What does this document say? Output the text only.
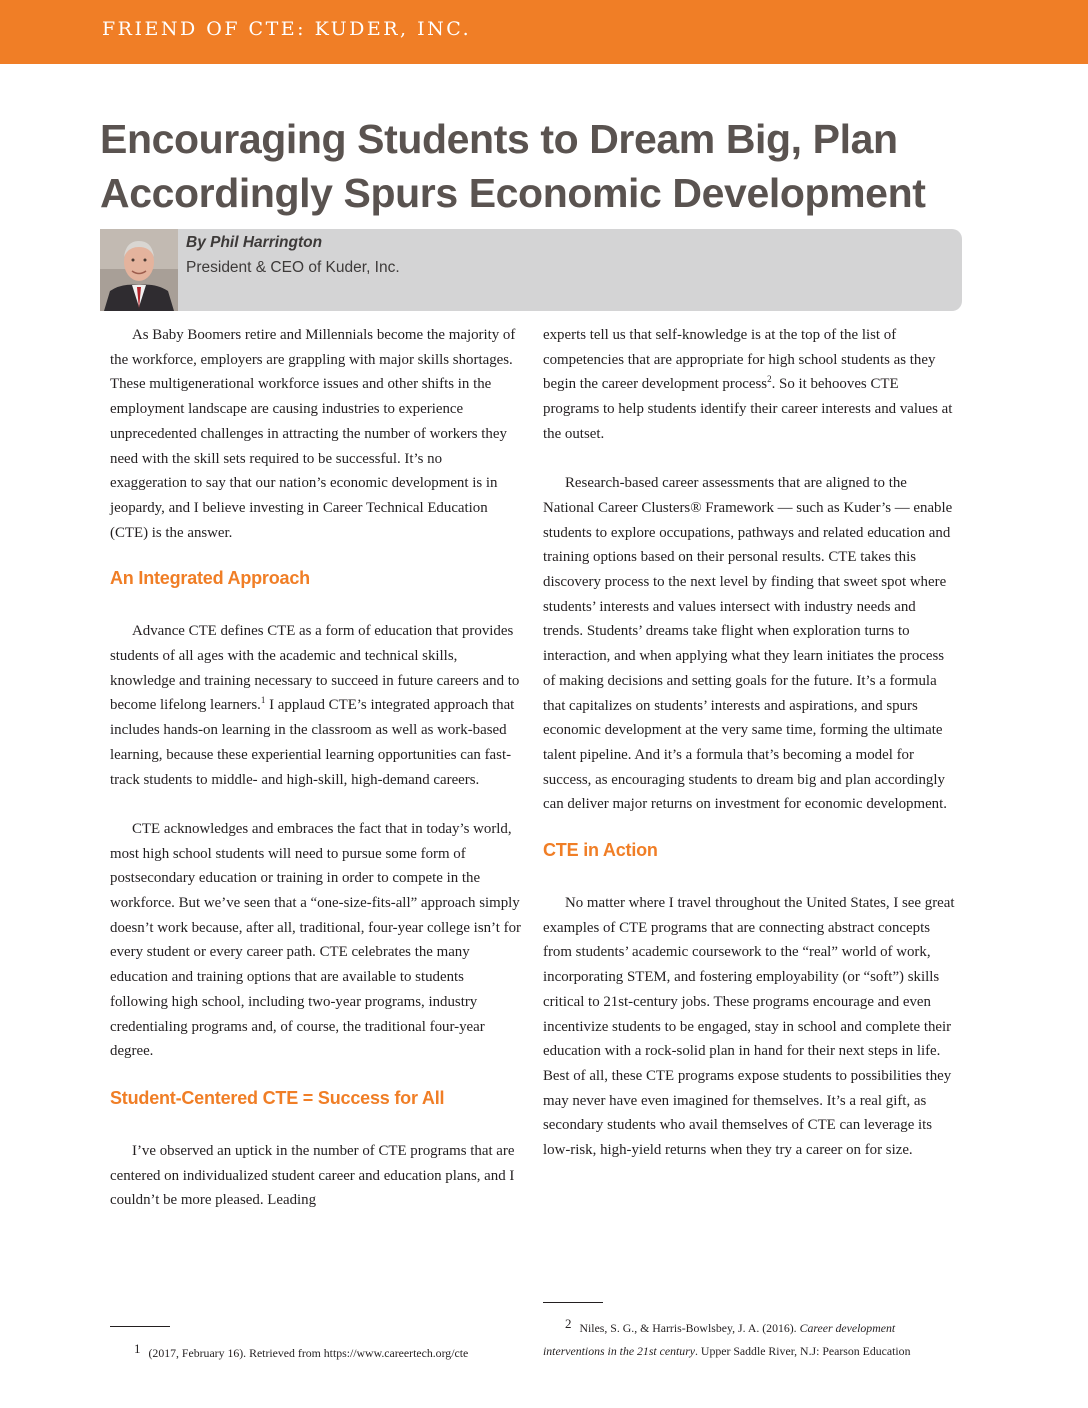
FRIEND OF CTE: KUDER, INC.
Encouraging Students to Dream Big, Plan
Accordingly Spurs Economic Development
By Phil Harrington
President & CEO of Kuder, Inc.

As Baby Boomers retire and Millennials become the majority of the workforce, employers are grappling with major skills shortages. These multigenerational workforce issues and other shifts in the employment landscape are causing industries to experience unprecedented challenges in attracting the number of workers they need with the skill sets required to be successful. It’s no exaggeration to say that our nation’s economic development is in jeopardy, and I believe investing in Career Technical Education (CTE) is the answer.

An Integrated Approach

Advance CTE defines CTE as a form of education that provides students of all ages with the academic and technical skills, knowledge and training necessary to succeed in future careers and to become lifelong learners.$^1$ I applaud CTE’s integrated approach that includes hands-on learning in the classroom as well as work-based learning, because these experiential learning opportunities can fast-track students to middle- and high-skill, high-demand careers.

CTE acknowledges and embraces the fact that in today’s world, most high school students will need to pursue some form of postsecondary education or training in order to compete in the workforce. But we’ve seen that a “one-size-fits-all” approach simply doesn’t work because, after all, traditional, four-year college isn’t for every student or every career path. CTE celebrates the many education and training options that are available to students following high school, including two-year programs, industry credentialing programs and, of course, the traditional four-year degree.

Student-Centered CTE = Success for All

I’ve observed an uptick in the number of CTE programs that are centered on individualized student career and education plans, and I couldn’t be more pleased. Leading

1 (2017, February 16). Retrieved from https://www.careertech.org/cte

experts tell us that self-knowledge is at the top of the list of competencies that are appropriate for high school students as they begin the career development process$^2$. So it behooves CTE programs to help students identify their career interests and values at the outset.

Research-based career assessments that are aligned to the National Career Clusters® Framework — such as Kuder’s — enable students to explore occupations, pathways and related education and training options based on their personal results. CTE takes this discovery process to the next level by finding that sweet spot where students’ interests and values intersect with industry needs and trends. Students’ dreams take flight when exploration turns to interaction, and when applying what they learn initiates the process of making decisions and setting goals for the future. It’s a formula that capitalizes on students’ interests and aspirations, and spurs economic development at the very same time, forming the ultimate talent pipeline. And it’s a formula that’s becoming a model for success, as encouraging students to dream big and plan accordingly can deliver major returns on investment for economic development.

CTE in Action

No matter where I travel throughout the United States, I see great examples of CTE programs that are connecting abstract concepts from students’ academic coursework to the “real” world of work, incorporating STEM, and fostering employability (or “soft”) skills critical to 21st-century jobs. These programs encourage and even incentivize students to be engaged, stay in school and complete their education with a rock-solid plan in hand for their next steps in life. Best of all, these CTE programs expose students to possibilities they may never have even imagined for themselves. It’s a real gift, as secondary students who avail themselves of CTE can leverage its low-risk, high-yield returns when they try a career on for size.

2 Niles, S. G., & Harris-Bowlsbey, J. A. (2016). Career development interventions in the 21st century. Upper Saddle River, N.J: Pearson Education
